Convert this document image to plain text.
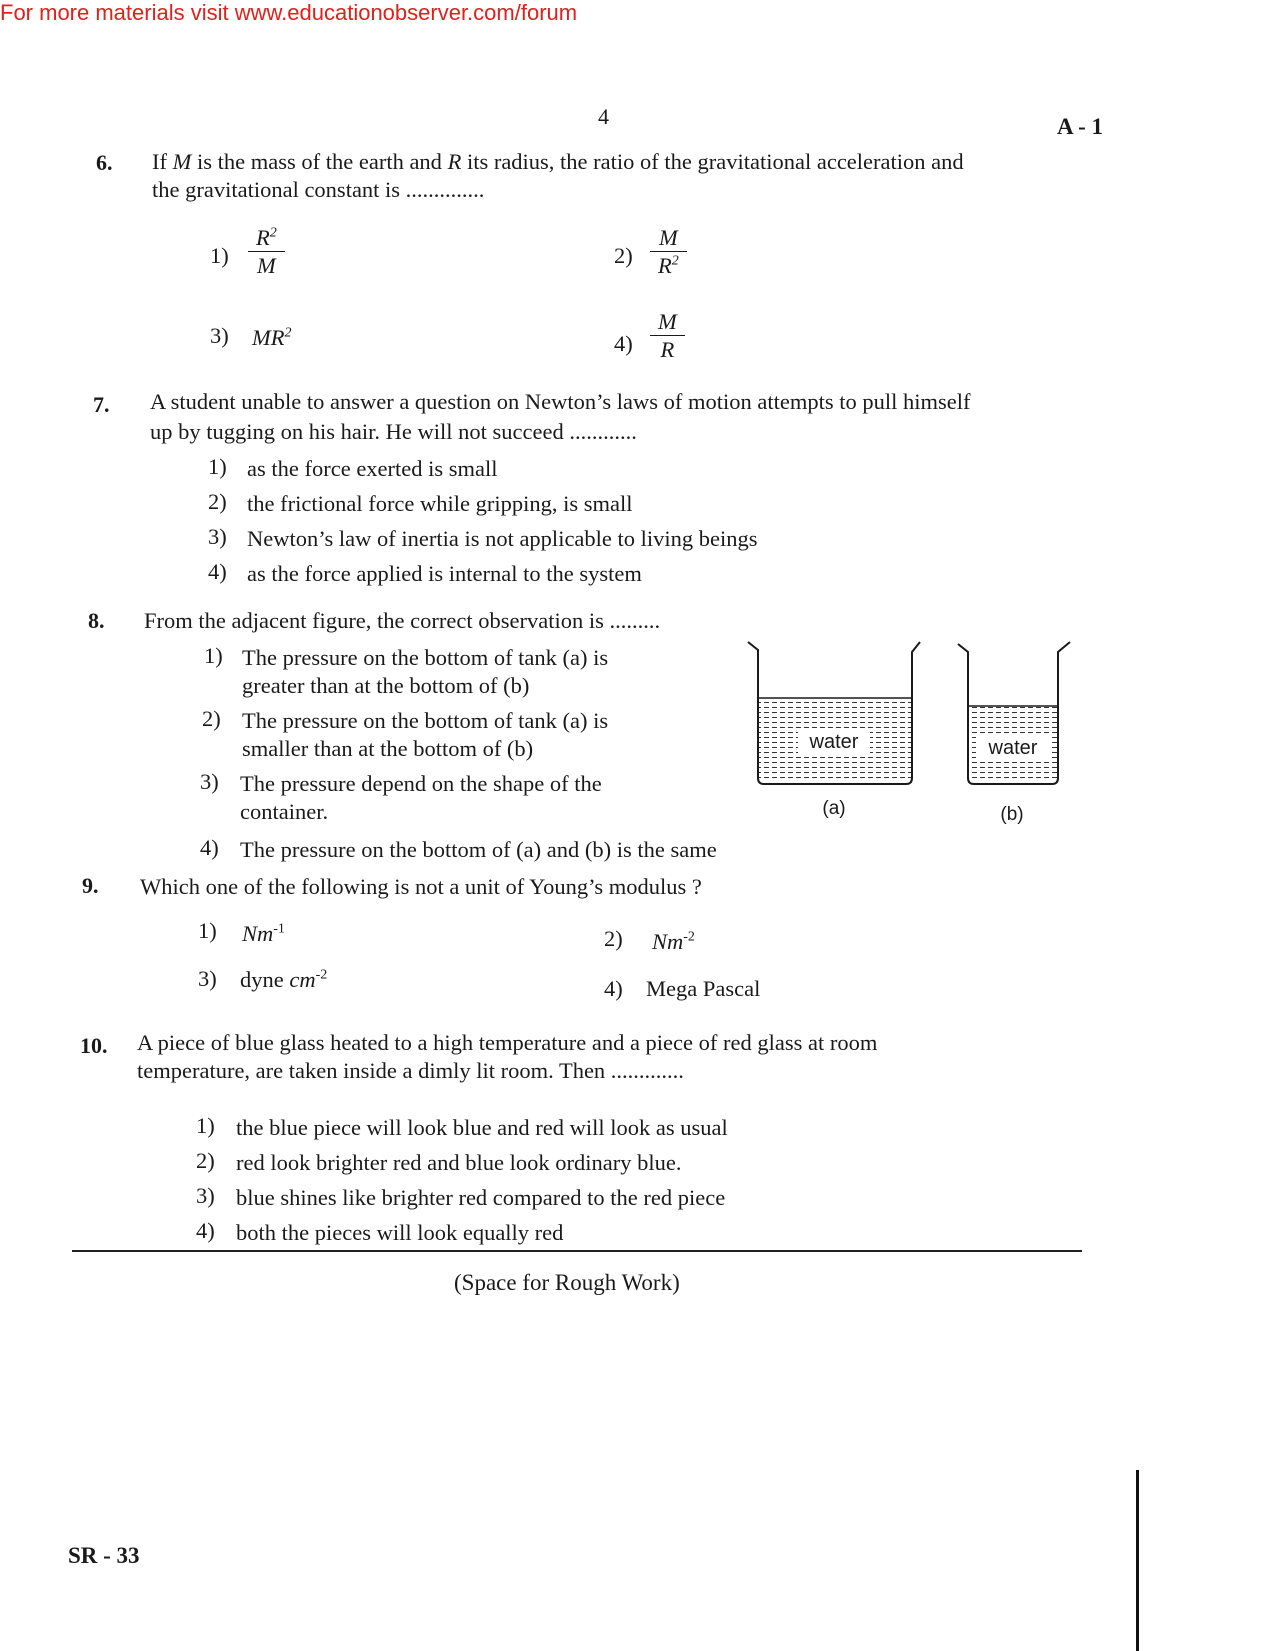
For more materials visit www.educationobserver.com/forum
4	A - 1
6. If M is the mass of the earth and R its radius, the ratio of the gravitational acceleration and
the gravitational constant is ..............
$1) \frac{R^2}{M}$	$2) \frac{M}{R^2}$
3) $MR^2$	$4) \frac{M}{R}$
7. A student unable to answer a question on Newton’s laws of motion attempts to pull himself
up by tugging on his hair. He will not succeed ............
1) as the force exerted is small
2) the frictional force while gripping, is small
3) Newton’s law of inertia is not applicable to living beings
4) as the force applied is internal to the system
8. From the adjacent figure, the correct observation is .........
1) The pressure on the bottom of tank (a) is
greater than at the bottom of (b)
2) The pressure on the bottom of tank (a) is
smaller than at the bottom of (b)
3) The pressure depend on the shape of the
container.
4) The pressure on the bottom of (a) and (b) is the same
water	water
(a)	(b)
9. Which one of the following is not a unit of Young’s modulus ?
1) $Nm^{-1}$	2) $Nm^{-2}$
3) dyne $cm^{-2}$
4) Mega Pascal
10. A piece of blue glass heated to a high temperature and a piece of red glass at room
temperature, are taken inside a dimly lit room. Then .............
1) the blue piece will look blue and red will look as usual
2) red look brighter red and blue look ordinary blue.
3) blue shines like brighter red compared to the red piece
4) both the pieces will look equally red
(Space for Rough Work)
SR - 33
